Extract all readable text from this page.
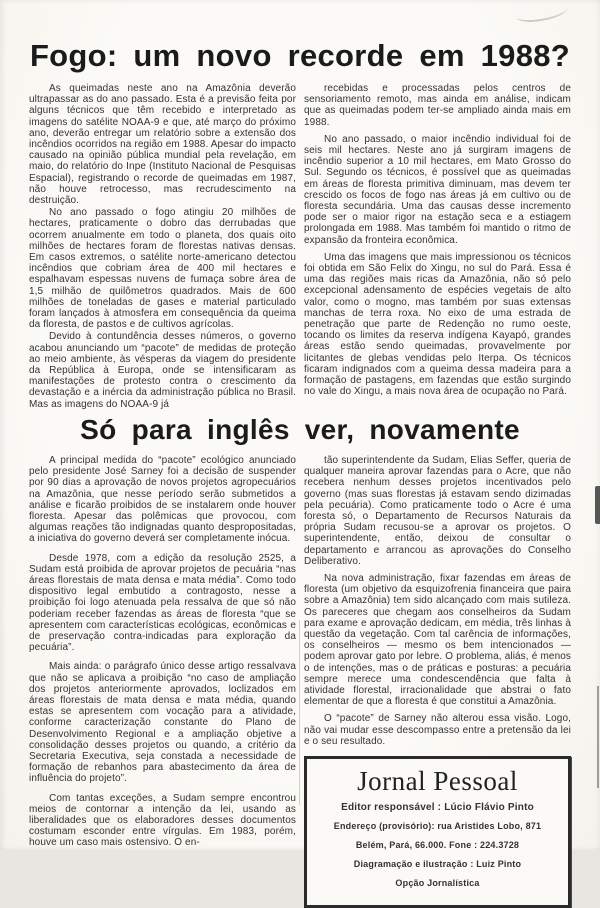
Fogo: um novo recorde em 1988?

As queimadas neste ano na Amazônia deverão ultrapassar as do ano passado. Esta é a previsão feita por alguns técnicos que têm recebido e interpretado as imagens do satélite NOAA-9 e que, até março do próximo ano, deverão entregar um relatório sobre a extensão dos incêndios ocorridos na região em 1988. Apesar do impacto causado na opinião pública mundial pela revelação, em maio, do relatório do Inpe (Instituto Nacional de Pesquisas Espacial), registrando o recorde de queimadas em 1987, não houve retrocesso, mas recrudescimento na destruição.

No ano passado o fogo atingiu 20 milhões de hectares, praticamente o dobro das derrubadas que ocorrem anualmente em todo o planeta, dos quais oito milhões de hectares foram de florestas nativas densas. Em casos extremos, o satélite norte-americano detectou incêndios que cobriam área de 400 mil hectares e espalhavam espessas nuvens de fumaça sobre área de 1,5 milhão de quilômetros quadrados. Mais de 600 milhões de toneladas de gases e material particulado foram lançados à atmosfera em consequência da queima da floresta, de pastos e de cultivos agrícolas.

Devido à contundência desses números, o governo acabou anunciando um “pacote” de medidas de proteção ao meio ambiente, às vésperas da viagem do presidente da República à Europa, onde se intensificaram as manifestações de protesto contra o crescimento da devastação e a inércia da administração pública no Brasil. Mas as imagens do NOAA-9 já

recebidas e processadas pelos centros de sensoriamento remoto, mas ainda em análise, indicam que as queimadas podem ter-se ampliado ainda mais em 1988.

No ano passado, o maior incêndio individual foi de seis mil hectares. Neste ano já surgiram imagens de incêndio superior a 10 mil hectares, em Mato Grosso do Sul. Segundo os técnicos, é possível que as queimadas em áreas de floresta primitiva diminuam, mas devem ter crescido os focos de fogo nas áreas já em cultivo ou de floresta secundária. Uma das causas desse incremento pode ser o maior rigor na estação seca e a estiagem prolongada em 1988. Mas também foi mantido o ritmo de expansão da fronteira econômica.

Uma das imagens que mais impressionou os técnicos foi obtida em São Felix do Xingu, no sul do Pará. Essa é uma das regiões mais ricas da Amazônia, não só pelo excepcional adensamento de espécies vegetais de alto valor, como o mogno, mas também por suas extensas manchas de terra roxa. No eixo de uma estrada de penetração que parte de Redenção no rumo oeste, tocando os limites da reserva indígena Kayapó, grandes áreas estão sendo queimadas, provavelmente por licitantes de glebas vendidas pelo Iterpa. Os técnicos ficaram indignados com a queima dessa madeira para a formação de pastagens, em fazendas que estão surgindo no vale do Xingu, a mais nova área de ocupação no Pará.

Só para inglês ver, novamente

A principal medida do “pacote” ecológico anunciado pelo presidente José Sarney foi a decisão de suspender por 90 dias a aprovação de novos projetos agropecuários na Amazônia, que nesse período serão submetidos a análise e ficarão proibidos de se instalarem onde houver floresta. Apesar das polêmicas que provocou, com algumas reações tão indignadas quanto despropositadas, a iniciativa do governo deverá ser completamente inócua.

Desde 1978, com a edição da resolução 2525, a Sudam está proibida de aprovar projetos de pecuária “nas áreas florestais de mata densa e mata média”. Como todo dispositivo legal embutido a contragosto, nesse a proibição foi logo atenuada pela ressalva de que só não poderiam receber fazendas as áreas de floresta “que se apresentem com características ecológicas, econômicas e de preservação contra-indicadas para exploração da pecuária”.

Mais ainda: o parágrafo único desse artigo ressalvava que não se aplicava a proibição “no caso de ampliação dos projetos anteriormente aprovados, loclizados em áreas florestais de mata densa e mata média, quando estas se apresentem com vocação para a atividade, conforme caracterização constante do Plano de Desenvolvimento Regional e a ampliação objetive a consolidação desses projetos ou quando, a critério da Secretaria Executiva, seja constada a necessidade de formação de rebanhos para abastecimento da área de influência do projeto”.

Com tantas exceções, a Sudam sempre encontrou meios de contornar a intenção da lei, usando as liberalidades que os elaboradores desses documentos costumam esconder entre vírgulas. Em 1983, porém, houve um caso mais ostensivo. O en-

tão superintendente da Sudam, Elias Seffer, queria de qualquer maneira aprovar fazendas para o Acre, que não recebera nenhum desses projetos incentivados pelo governo (mas suas florestas já estavam sendo dizimadas pela pecuária). Como praticamente todo o Acre é uma foresta só, o Departamento de Recursos Naturais da própria Sudam recusou-se a aprovar os projetos. O superintendente, então, deixou de consultar o departamento e arrancou as aprovações do Conselho Deliberativo.

Na nova administração, fixar fazendas em áreas de floresta (um objetivo da esquizofrenia financeira que paira sobre a Amazônia) tem sido alcançado com mais sutileza. Os pareceres que chegam aos conselheiros da Sudam para exame e aprovação dedicam, em média, três linhas à questão da vegetação. Com tal carência de informações, os conselheiros — mesmo os bem intencionados — podem aprovar gato por lebre. O problema, aliás, é menos o de intenções, mas o de práticas e posturas: a pecuária sempre merece uma condescendência que falta à atividade florestal, irracionalidade que abstrai o fato elementar de que a floresta é que constitui a Amazônia.

O “pacote” de Sarney não alterou essa visão. Logo, não vai mudar esse descompasso entre a pretensão da lei e o seu resultado.

Jornal Pessoal

Editor responsável : Lúcio Flávio Pinto

Endereço (provisório): rua Aristides Lobo, 871

Belém, Pará, 66.000. Fone : 224.3728

Diagramação e ilustração : Luiz Pinto

Opção Jornalística
